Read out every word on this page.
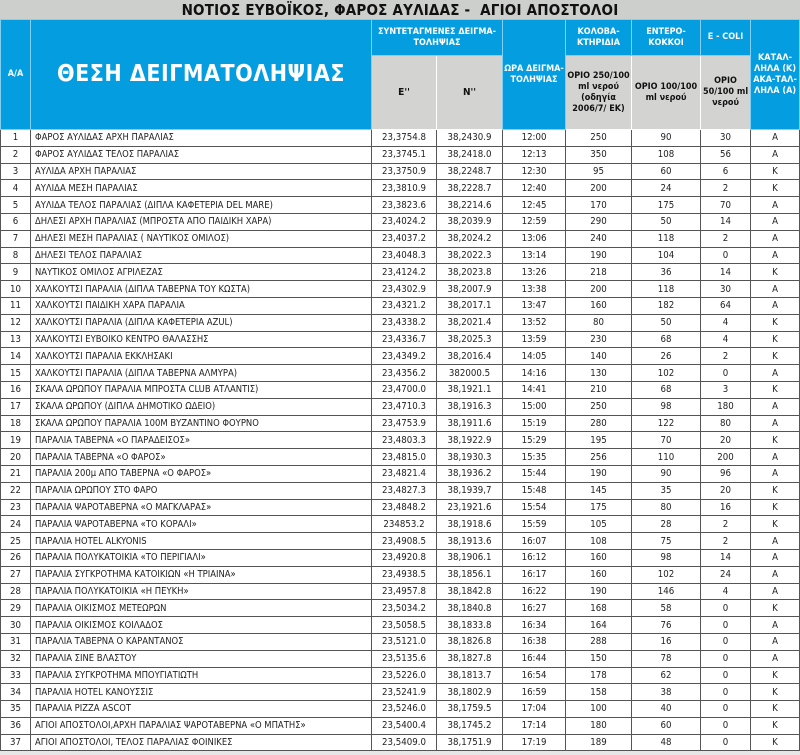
ΝΟΤΙΟΣ ΕΥΒΟΪΚΟΣ, ΦΑΡΟΣ ΑΥΛΙΔΑΣ -  ΑΓΙΟΙ ΑΠΟΣΤΟΛΟΙ
Α/Α	ΘΕΣΗ ΔΕΙΓΜΑΤΟΛΗΨΙΑΣ	ΣΥΝΤΕΤΑΓΜΕΝΕΣ ΔΕΙΓΜΑ-ΤΟΛΗΨΙΑΣ		ΩΡΑ ΔΕΙΓΜΑ-ΤΟΛΗΨΙΑΣ	ΚΟΛΟΒΑ-ΚΤΗΡΙΔΙΑ	ΕΝΤΕΡΟ-ΚΟΚΚΟΙ	Ε - COLI	ΚΑΤΑΛ-ΛΗΛΑ (Κ) ΑΚΑ-ΤΑΛ-ΛΗΛΑ (Α)
		Ε''	Ν''		ΟΡΙΟ 250/100 ml νερού (οδηγία 2006/7/ ΕΚ)	ΟΡΙΟ 100/100 ml νερού	ΟΡΙΟ 50/100 ml νερού	
1	ΦΑΡΟΣ ΑΥΛΙΔΑΣ ΑΡΧΗ ΠΑΡΑΛΙΑΣ	23,3754.8	38,2430.9	12:00	250	90	30	Α
2	ΦΑΡΟΣ ΑΥΛΙΔΑΣ ΤΕΛΟΣ ΠΑΡΑΛΙΑΣ	23,3745.1	38,2418.0	12:13	350	108	56	Α
3	ΑΥΛΙΔΑ ΑΡΧΗ ΠΑΡΑΛΙΑΣ	23,3750.9	38,2248.7	12:30	95	60	6	Κ
4	ΑΥΛΙΔΑ ΜΕΣΗ ΠΑΡΑΛΙΑΣ	23,3810.9	38,2228.7	12:40	200	24	2	Κ
5	ΑΥΛΙΔΑ ΤΕΛΟΣ ΠΑΡΑΛΙΑΣ (ΔΙΠΛΑ ΚΑΦΕΤΕΡΙΑ DEL MARE)	23,3823.6	38,2214.6	12:45	170	175	70	Α
6	ΔΗΛΕΣΙ ΑΡΧΗ ΠΑΡΑΛΙΑΣ (ΜΠΡΟΣΤΑ ΑΠΟ ΠΑΙΔΙΚΗ ΧΑΡΑ)	23,4024.2	38,2039.9	12:59	290	50	14	Α
7	ΔΗΛΕΣΙ ΜΕΣΗ ΠΑΡΑΛΙΑΣ ( ΝΑΥΤΙΚΟΣ ΟΜΙΛΟΣ)	23,4037.2	38,2024.2	13:06	240	118	2	Α
8	ΔΗΛΕΣΙ ΤΕΛΟΣ ΠΑΡΑΛΙΑΣ	23,4048.3	38,2022.3	13:14	190	104	0	Α
9	ΝΑΥΤΙΚΟΣ ΟΜΙΛΟΣ ΑΓΡΙΛΕΖΑΣ	23,4124.2	38,2023.8	13:26	218	36	14	Κ
10	ΧΑΛΚΟΥΤΣΙ ΠΑΡΑΛΙΑ (ΔΙΠΛΑ ΤΑΒΕΡΝΑ ΤΟΥ ΚΩΣΤΑ)	23,4302.9	38,2007.9	13:38	200	118	30	Α
11	ΧΑΛΚΟΥΤΣΙ ΠΑΙΔΙΚΗ ΧΑΡΑ ΠΑΡΑΛΙΑ	23,4321.2	38,2017.1	13:47	160	182	64	Α
12	ΧΑΛΚΟΥΤΣΙ ΠΑΡΑΛΙΑ (ΔΙΠΛΑ ΚΑΦΕΤΕΡΙΑ AZUL)	23,4338.2	38,2021.4	13:52	80	50	4	Κ
13	ΧΑΛΚΟΥΤΣΙ ΕΥΒΟΙΚΟ ΚΕΝΤΡΟ ΘΑΛΑΣΣΗΣ	23,4336.7	38,2025.3	13:59	230	68	4	Κ
14	ΧΑΛΚΟΥΤΣΙ ΠΑΡΑΛΙΑ ΕΚΚΛΗΣΑΚΙ	23,4349.2	38,2016.4	14:05	140	26	2	Κ
15	ΧΑΛΚΟΥΤΣΙ ΠΑΡΑΛΙΑ (ΔΙΠΛΑ ΤΑΒΕΡΝΑ ΑΛΜΥΡΑ)	23,4356.2	382000.5	14:16	130	102	0	Α
16	ΣΚΑΛΑ ΩΡΩΠΟΥ ΠΑΡΑΛΙΑ ΜΠΡΟΣΤΑ CLUB ΑΤΛΑΝΤΙΣ)	23,4700.0	38,1921.1	14:41	210	68	3	Κ
17	ΣΚΑΛΑ ΩΡΩΠΟΥ (ΔΙΠΛΑ ΔΗΜΟΤΙΚΟ ΩΔΕΙΟ)	23,4710.3	38,1916.3	15:00	250	98	180	Α
18	ΣΚΑΛΑ ΩΡΩΠΟΥ ΠΑΡΑΛΙΑ 100Μ ΒΥΖΑΝΤΙΝΟ ΦΟΥΡΝΟ	23,4753.9	38,1911.6	15:19	280	122	80	Α
19	ΠΑΡΑΛΙΑ ΤΑΒΕΡΝΑ «Ο ΠΑΡΑΔΕΙΣΟΣ»	23,4803.3	38,1922.9	15:29	195	70	20	Κ
20	ΠΑΡΑΛΙΑ ΤΑΒΕΡΝΑ «Ο ΦΑΡΟΣ»	23,4815.0	38,1930.3	15:35	256	110	200	Α
21	ΠΑΡΑΛΙΑ 200μ ΑΠΟ ΤΑΒΕΡΝΑ «Ο ΦΑΡΟΣ»	23,4821.4	38,1936.2	15:44	190	90	96	Α
22	ΠΑΡΑΛΙΑ ΩΡΩΠΟΥ ΣΤΟ ΦΑΡΟ	23,4827.3	38,1939,7	15:48	145	35	20	Κ
23	ΠΑΡΑΛΙΑ ΨΑΡΟΤΑΒΕΡΝΑ «Ο ΜΑΓΚΛΑΡΑΣ»	23,4848.2	23,1921.6	15:54	175	80	16	Κ
24	ΠΑΡΑΛΙΑ ΨΑΡΟΤΑΒΕΡΝΑ «ΤΟ ΚΟΡΑΛΙ»	234853.2	38,1918.6	15:59	105	28	2	Κ
25	ΠΑΡΑΛΙΑ HOTEL ALKYONIS	23,4908.5	38,1913.6	16:07	108	75	2	Α
26	ΠΑΡΑΛΙΑ ΠΟΛΥΚΑΤΟΙΚΙΑ «ΤΟ ΠΕΡΙΓΙΑΛΙ»	23,4920.8	38,1906.1	16:12	160	98	14	Α
27	ΠΑΡΑΛΙΑ ΣΥΓΚΡΟΤΗΜΑ ΚΑΤΟΙΚΙΩΝ «Η ΤΡΙΑΙΝΑ»	23,4938.5	38,1856.1	16:17	160	102	24	Α
28	ΠΑΡΑΛΙΑ ΠΟΛΥΚΑΤΟΙΚΙΑ «Η ΠΕΥΚΗ»	23,4957.8	38,1842.8	16:22	190	146	4	Α
29	ΠΑΡΑΛΙΑ ΟΙΚΙΣΜΟΣ ΜΕΤΕΩΡΩΝ	23,5034.2	38,1840.8	16:27	168	58	0	Κ
30	ΠΑΡΑΛΙΑ ΟΙΚΙΣΜΟΣ ΚΟΙΛΑΔΟΣ	23,5058.5	38,1833.8	16:34	164	76	0	Α
31	ΠΑΡΑΛΙΑ ΤΑΒΕΡΝΑ Ο ΚΑΡΑΝΤΑΝΟΣ	23,5121.0	38,1826.8	16:38	288	16	0	Α
32	ΠΑΡΑΛΙΑ ΣΙΝΕ ΒΛΑΣΤΟΥ	23,5135.6	38,1827.8	16:44	150	78	0	Α
33	ΠΑΡΑΛΙΑ ΣΥΓΚΡΟΤΗΜΑ ΜΠΟΥΓΙΑΤΙΩΤΗ	23,5226.0	38,1813.7	16:54	178	62	0	Κ
34	ΠΑΡΑΛΙΑ HOTEL ΚΑΝΟΥΣΣΙΣ	23,5241.9	38,1802.9	16:59	158	38	0	Κ
35	ΠΑΡΑΛΙΑ PIZZA ASCOT	23,5246.0	38,1759.5	17:04	100	40	0	Κ
36	ΑΓΙΟΙ ΑΠΟΣΤΟΛΟΙ,ΑΡΧΗ ΠΑΡΑΛΙΑΣ ΨΑΡΟΤΑΒΕΡΝΑ «Ο ΜΠΑΤΗΣ»	23,5400.4	38,1745.2	17:14	180	60	0	Κ
37	ΑΓΙΟΙ ΑΠΟΣΤΟΛΟΙ, ΤΕΛΟΣ ΠΑΡΑΛΙΑΣ ΦΟΙΝΙΚΕΣ	23,5409.0	38,1751.9	17:19	189	48	0	Κ
